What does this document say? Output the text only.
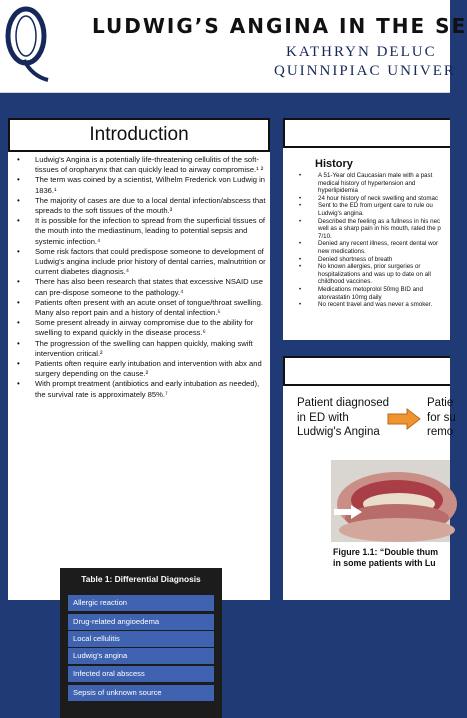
LUDWIG’S ANGINA IN THE SE
KATHRYN DELUC
QUINNIPIAC UNIVER
Introduction
• Ludwig's Angina is a potentially life-threatening cellulitis of the soft-tissues of oropharynx that can quickly lead to airway compromise.¹ ²
• The term was coined by a scientist, Wilhelm Frederick von Ludwig in 1836.¹
• The majority of cases are due to a local dental infection/abscess that spreads to the soft tissues of the mouth.³
• It is possible for the infection to spread from the superficial tissues of the mouth into the mediastinum, leading to potential sepsis and systemic infection.⁴
• Some risk factors that could predispose someone to development of Ludwig's angina include prior history of dental carries, malnutrition or current diabetes diagnosis.⁴
• There has also been research that states that excessive NSAID use can pre-dispose someone to the pathology.⁴
• Patients often present with an acute onset of tongue/throat swelling. Many also report pain and a history of dental infection.⁵
• Some present already in airway compromise due to the ability for swelling to expand quickly in the disease process.⁶
• The progression of the swelling can happen quickly, making swift intervention critical.²
• Patients often require early intubation and intervention with abx and surgery depending on the cause.²
• With prompt treatment (antibiotics and early intubation as needed), the survival rate is approximately 85%.⁷
Table 1: Differential Diagnosis
Allergic reaction
Drug-related angioedema
Local cellulitis
Ludwig's angina
Infected oral abscess
Sepsis of unknown source
History
• A 51-Year old Caucasian male with a past
medical history of hypertension and
hyperlipidemia
• 24 hour history of neck swelling and stomac
• Sent to the ED from urgent care to rule ou
Ludwig's angina.
• Described the feeling as a fullness in his nec
well as a sharp pain in his mouth, rated the p
7/10.
• Denied any recent illness, recent dental wor
new medications.
• Denied shortness of breath
• No known allergies, prior surgeries or
hospitalizations and was up to date on all
childhood vaccines.
• Medications metoprolol 50mg BID and
atorvastatin 10mg daily
• No recent travel and was never a smoker.
Patient diagnosed
in ED with
Ludwig's Angina
Patie
for su
remo
Figure 1.1: “Double thum
in some patients with Lu
